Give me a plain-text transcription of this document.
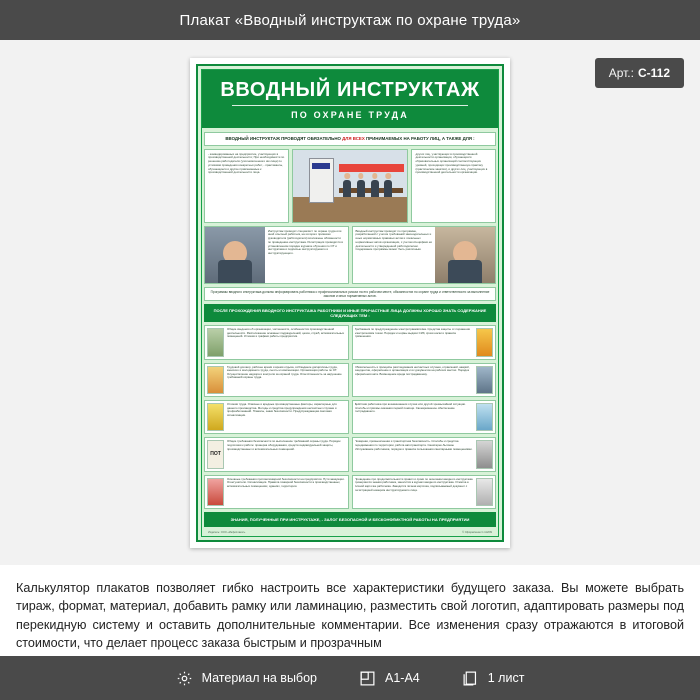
Плакат «Вводный инструктаж по охране труда»
Арт.: С-112
ВВОДНЫЙ ИНСТРУКТАЖ
ПО ОХРАНЕ ТРУДА
ВВОДНЫЙ ИНСТРУКТАЖ ПРОВОДЯТ ОБЯЗАТЕЛЬНО ДЛЯ ВСЕХ ПРИНИМАЕМЫХ НА РАБОТУ ЛИЦ, А ТАКЖЕ ДЛЯ :
- командированных на предприятие, участвующих в производственной деятельности; При необходимости по решению работодателя (уполномоченного им лица) по условиям проведения конкретных работ, - практиканты, обучающиеся и другие привлекаемые к производственной деятельности лица.
других лиц, участвующих в производственной деятельности организации, обучающихся образовательных организаций соответствующих уровней, проходящих производственную практику (практические занятия), и других лиц, участвующих в производственной деятельности организации.
Инструктаж проводит специалист по охране труда или иной опытный работник, на которого приказом руководителя (работодателя) возложены обязанности по проведению инструктажа. Регистрация проводится в установленном порядке журнале обучения по ОТ и инструктажа и подписью инструктируемого и инструктирующего.
Вводный инструктаж проводят по программе, разработанной с учетом требований законодательных и иных нормативных правовых актов и локальных нормативных актов организации, с учетом специфики её деятельности и утвержденной работодателем. Содержание программы может быть различным.
Программы вводного инструктажа должны информировать работника о профессиональных рисках на его рабочем месте, обязанностях по охране труда и ответственности за выполнение законов и иных нормативных актов.
ПОСЛЕ ПРОХОЖДЕНИЯ ВВОДНОГО ИНСТРУКТАЖА РАБОТНИКИ И ИНЫЕ ПРИЧАСТНЫЕ ЛИЦА ДОЛЖНЫ ХОРОШО ЗНАТЬ СОДЕРЖАНИЕ СЛЕДУЮЩИХ ТЕМ :
Общие сведения об организации, численности, особенностях производственной деятельности. Расположение основных подразделений, цехов, служб, вспомогательных помещений. Условия и графики работы предприятия.
Трудовой договор, рабочее время и время отдыха, соблюдение дисциплины труда, женского и молодёжного труда, льготы и компенсации. Организация работы по ОТ. Осуществление надзора и контроля за охраной труда. Ответственность за нарушение требований охраны труда.
Условия труда. Опасные и вредные производственные факторы, характерные для данного производства. Методы и средства предупреждения несчастных случаев и профзаболеваний. Плакаты, знаки безопасности. Предупреждающая световая сигнализация.
ПОТ
Общие требования безопасности по выполнению требований охраны труда. Порядок подготовки к работе: проверка оборудования, средств индивидуальной защиты, производственных и вспомогательных помещений.
Основные требования противопожарной безопасности на предприятии. Пути эвакуации. Огнетушители. Сигнализация. Правила пожарной безопасности в производственных, вспомогательных помещениях, зданиях, территории.
Требования по предупреждению электротравматизма. Средства защиты от поражения электрическим током. Порядок и нормы выдачи СИЗ, сроки носки и правила применения.
Обязательность и принципы расследования несчастных случаев, отравлений, аварий, инцидентов, оформление и организация и их документов на рабочих местах. Порядок оформления акта. Возмещение вреда пострадавшему.
Действия работника при возникновении случая или другой чрезвычайной ситуации. Способы и приёмы оказания первой помощи. Своевременное обеспечение пострадавшего.
Пожарная, промышленная и транспортная безопасность. Способы и средства передвижения по территории, работа автотранспорта. Санитарно-бытовое обслуживание работников, порядок и правила пользования санитарными помещениями.
Проведение про продолжительности правил и сроки по окончании вводного инструктажа проверяются знания работника, заносится в журнал вводного инструктажа. Отметка в личной карточке работника. Заводится личная карточка, подписываемый документ с регистрацией номером инструктируемого лица.
ЗНАНИЯ, ПОЛУЧЕННЫЕ ПРИ ИНСТРУКТАЖЕ, - ЗАЛОГ БЕЗОПАСНОЙ И БЕСКОНФЛИКТНОЙ РАБОТЫ НА ПРЕДПРИЯТИИ
Издатель: ООО «Инфоплакат»	© Оформление С-112/09
Калькулятор плакатов позволяет гибко настроить все характеристики будущего заказа. Вы можете выбрать тираж, формат, материал, добавить рамку или ламинацию, разместить свой логотип, адаптировать размеры под перекидную систему и оставить дополнительные комментарии. Все изменения сразу отражаются в итоговой стоимости, что делает процесс заказа быстрым и прозрачным
Материал на выбор	А1-А4	1 лист
